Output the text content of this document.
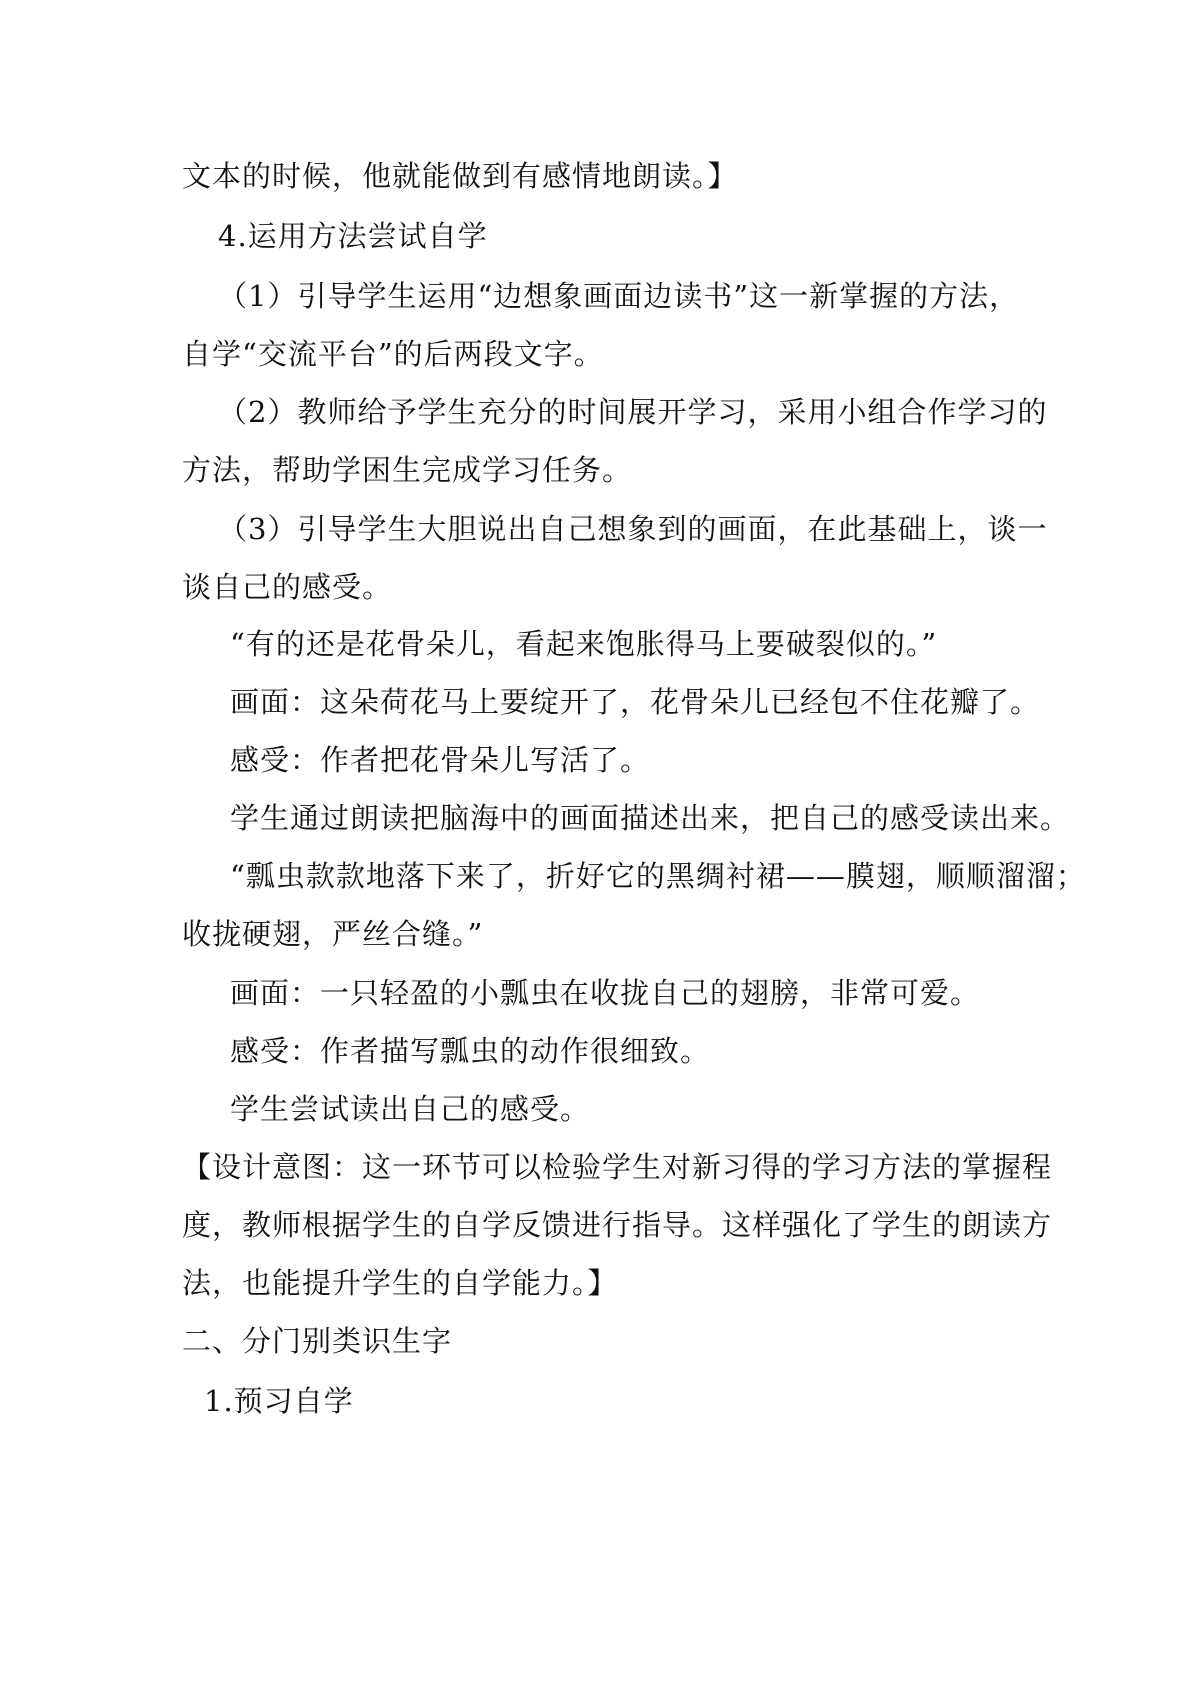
文本的时候，他就能做到有感情地朗读。】
4.运用方法尝试自学
（1）引导学生运用“边想象画面边读书”这一新掌握的方法，
自学“交流平台”的后两段文字。
（2）教师给予学生充分的时间展开学习，采用小组合作学习的
方法，帮助学困生完成学习任务。
（3）引导学生大胆说出自己想象到的画面，在此基础上，谈一
谈自己的感受。
“有的还是花骨朵儿，看起来饱胀得马上要破裂似的。”
画面：这朵荷花马上要绽开了，花骨朵儿已经包不住花瓣了。
感受：作者把花骨朵儿写活了。
学生通过朗读把脑海中的画面描述出来，把自己的感受读出来。
“瓢虫款款地落下来了，折好它的黑绸衬裙——膜翅，顺顺溜溜；
收拢硬翅，严丝合缝。”
画面：一只轻盈的小瓢虫在收拢自己的翅膀，非常可爱。
感受：作者描写瓢虫的动作很细致。
学生尝试读出自己的感受。
【设计意图：这一环节可以检验学生对新习得的学习方法的掌握程
度，教师根据学生的自学反馈进行指导。这样强化了学生的朗读方
法，也能提升学生的自学能力。】
二、分门别类识生字
1.预习自学
